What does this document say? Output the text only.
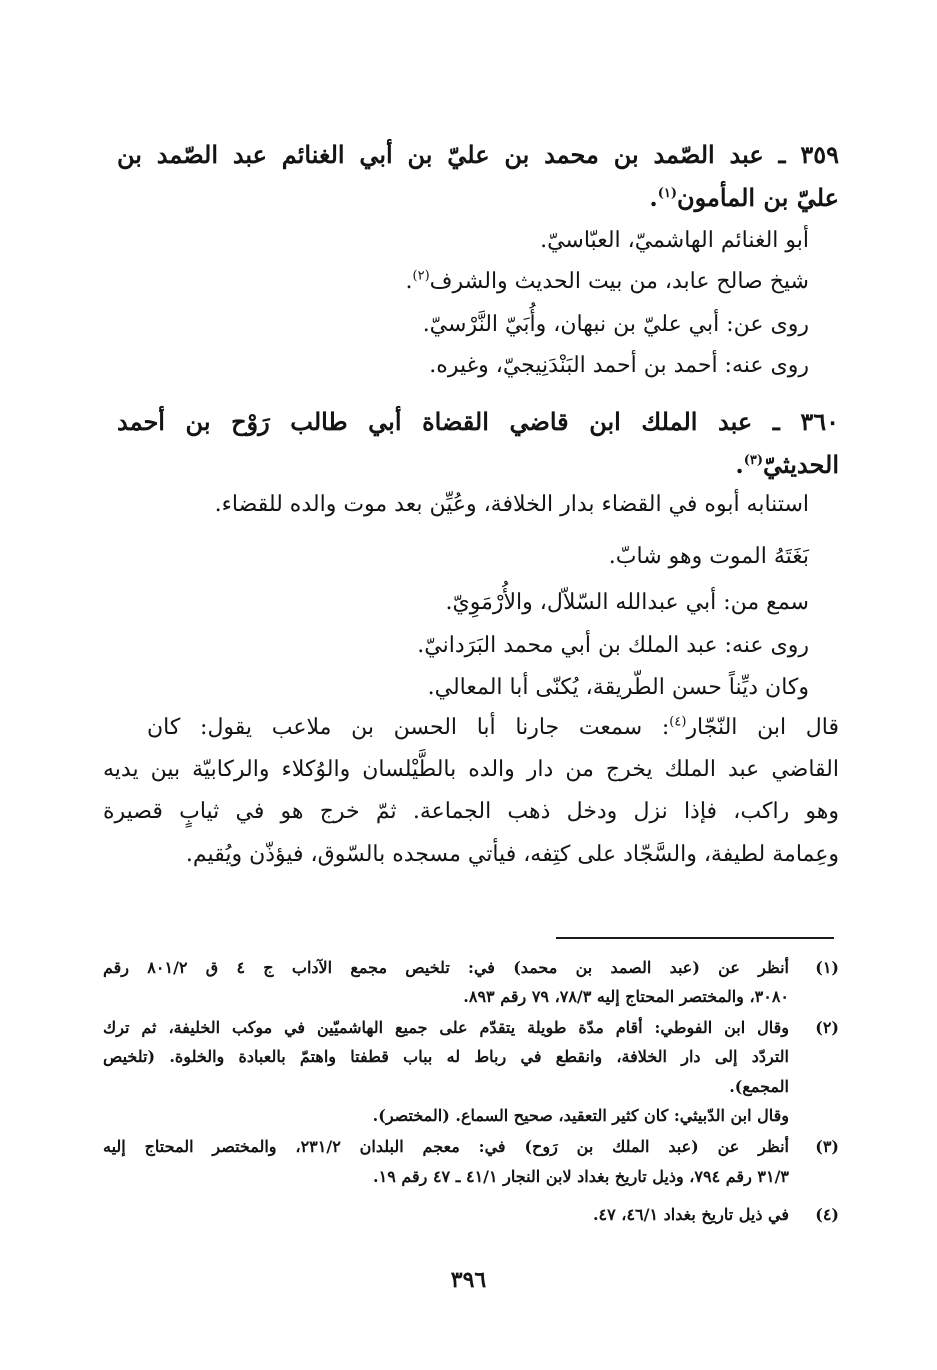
٣٥٩ ـ عبد الصّمد بن محمد بن عليّ بن أبي الغنائم عبد الصّمد بن
عليّ بن المأمون$^{(١)}$.
أبو الغنائم الهاشميّ، العبّاسيّ.
شيخ صالح عابد، من بيت الحديث والشرف$^{(٢)}$.
روى عن: أبي عليّ بن نبهان، وأُبَيّ النَّرْسيّ.
روى عنه: أحمد بن أحمد البَنْدَنِيجيّ، وغيره.
٣٦٠ ـ عبد الملك ابن قاضي القضاة أبي طالب رَوْح بن أحمد
الحديثيّ$^{(٣)}$.
استنابه أبوه في القضاء بدار الخلافة، وعُيِّن بعد موت والده للقضاء.
بَغَتَهُ الموت وهو شابّ.
سمع من: أبي عبدالله السّلاّل، والأُرْمَوِيّ.
روى عنه: عبد الملك بن أبي محمد البَرَدانيّ.
وكان ديِّناً حسن الطّريقة، يُكنّى أبا المعالي.
قال ابن النّجّار$^{(٤)}$: سمعت جارنا أبا الحسن بن ملاعب يقول: كان
القاضي عبد الملك يخرج من دار والده بالطَّيْلسان والوُكلاء والركابيّة بين يديه
وهو راكب، فإذا نزل ودخل ذهب الجماعة. ثمّ خرج هو في ثيابٍ قصيرة
وعِمامة لطيفة، والسَّجّاد على كتِفه، فيأتي مسجده بالسّوق، فيؤذّن ويُقيم.
(١)
أنظر عن (عبد الصمد بن محمد) في: تلخيص مجمع الآداب ج ٤ ق ٨٠١/٢ رقم
٣٠٨٠، والمختصر المحتاج إليه ٧٨/٣، ٧٩ رقم ٨٩٣.
(٢)
وقال ابن الفوطي: أقام مدّة طويلة يتقدّم على جميع الهاشميّين في موكب الخليفة، ثم ترك
التردّد إلى دار الخلافة، وانقطع في رباط له بباب قطفتا واهتمّ بالعبادة والخلوة. (تلخيص
المجمع).
وقال ابن الدّبيثي: كان كثير التعقيد، صحيح السماع. (المختصر).
(٣)
أنظر عن (عبد الملك بن رَوح) في: معجم البلدان ٢٣١/٢، والمختصر المحتاج إليه
٣١/٣ رقم ٧٩٤، وذيل تاريخ بغداد لابن النجار ٤١/١ ـ ٤٧ رقم ١٩.
(٤)
في ذيل تاريخ بغداد ٤٦/١، ٤٧.
٣٩٦
